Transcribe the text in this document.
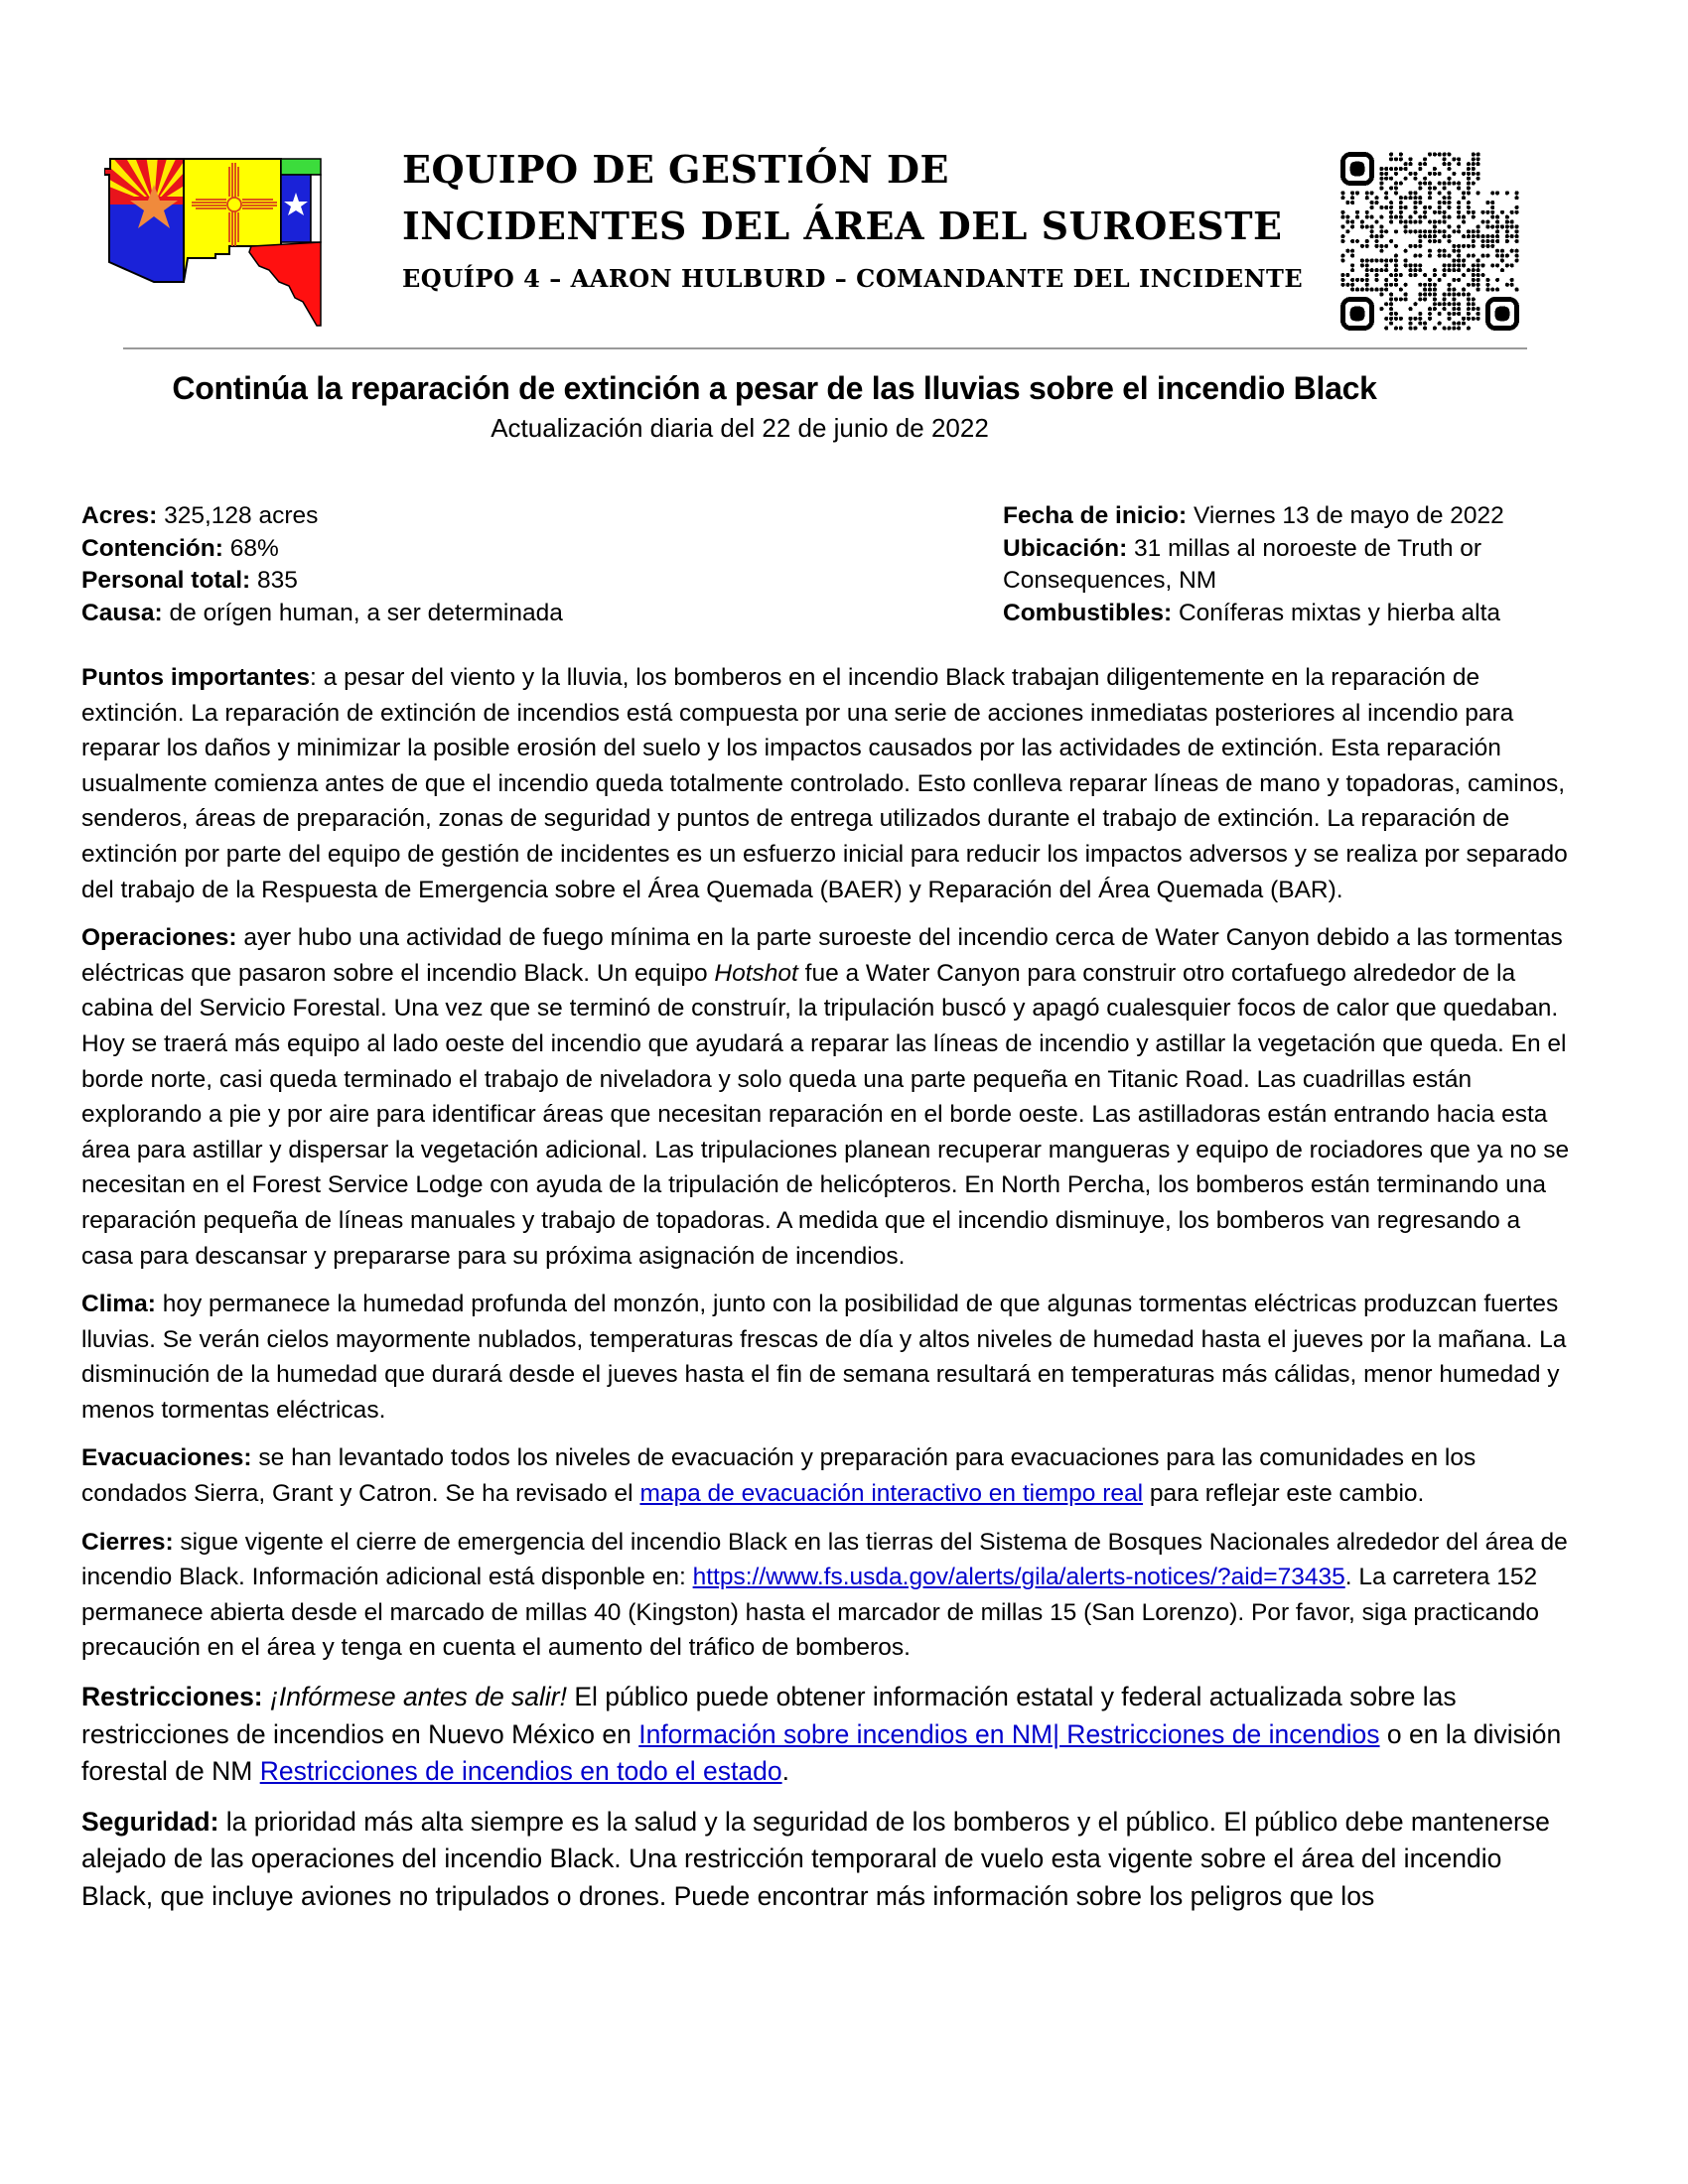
EQUIPO DE GESTIÓN DE
INCIDENTES DEL ÁREA DEL SUROESTE
EQUÍPO 4 – AARON HULBURD – COMANDANTE DEL INCIDENTE
Continúa la reparación de extinción a pesar de las lluvias sobre el incendio Black
Actualización diaria del 22 de junio de 2022
Acres: 325,128 acres
Contención: 68%
Personal total: 835
Causa: de orígen human, a ser determinada
Fecha de inicio: Viernes 13 de mayo de 2022
Ubicación: 31 millas al noroeste de Truth or
Consequences, NM
Combustibles: Coníferas mixtas y hierba alta

Puntos importantes: a pesar del viento y la lluvia, los bomberos en el incendio Black trabajan diligentemente en la reparación de extinción. La reparación de extinción de incendios está compuesta por una serie de acciones inmediatas posteriores al incendio para reparar los daños y minimizar la posible erosión del suelo y los impactos causados por las actividades de extinción. Esta reparación usualmente comienza antes de que el incendio queda totalmente controlado. Esto conlleva reparar líneas de mano y topadoras, caminos, senderos, áreas de preparación, zonas de seguridad y puntos de entrega utilizados durante el trabajo de extinción. La reparación de extinción por parte del equipo de gestión de incidentes es un esfuerzo inicial para reducir los impactos adversos y se realiza por separado del trabajo de la Respuesta de Emergencia sobre el Área Quemada (BAER) y Reparación del Área Quemada (BAR).

Operaciones: ayer hubo una actividad de fuego mínima en la parte suroeste del incendio cerca de Water Canyon debido a las tormentas eléctricas que pasaron sobre el incendio Black. Un equipo Hotshot fue a Water Canyon para construir otro cortafuego alrededor de la cabina del Servicio Forestal. Una vez que se terminó de construír, la tripulación buscó y apagó cualesquier focos de calor que quedaban. Hoy se traerá más equipo al lado oeste del incendio que ayudará a reparar las líneas de incendio y astillar la vegetación que queda. En el borde norte, casi queda terminado el trabajo de niveladora y solo queda una parte pequeña en Titanic Road. Las cuadrillas están explorando a pie y por aire para identificar áreas que necesitan reparación en el borde oeste. Las astilladoras están entrando hacia esta área para astillar y dispersar la vegetación adicional. Las tripulaciones planean recuperar mangueras y equipo de rociadores que ya no se necesitan en el Forest Service Lodge con ayuda de la tripulación de helicópteros. En North Percha, los bomberos están terminando una reparación pequeña de líneas manuales y trabajo de topadoras. A medida que el incendio disminuye, los bomberos van regresando a casa para descansar y prepararse para su próxima asignación de incendios.

Clima: hoy permanece la humedad profunda del monzón, junto con la posibilidad de que algunas tormentas eléctricas produzcan fuertes lluvias. Se verán cielos mayormente nublados, temperaturas frescas de día y altos niveles de humedad hasta el jueves por la mañana. La disminución de la humedad que durará desde el jueves hasta el fin de semana resultará en temperaturas más cálidas, menor humedad y menos tormentas eléctricas.

Evacuaciones: se han levantado todos los niveles de evacuación y preparación para evacuaciones para las comunidades en los condados Sierra, Grant y Catron. Se ha revisado el mapa de evacuación interactivo en tiempo real para reflejar este cambio.

Cierres: sigue vigente el cierre de emergencia del incendio Black en las tierras del Sistema de Bosques Nacionales alrededor del área de incendio Black. Información adicional está disponble en: https://www.fs.usda.gov/alerts/gila/alerts-notices/?aid=73435. La carretera 152 permanece abierta desde el marcado de millas 40 (Kingston) hasta el marcador de millas 15 (San Lorenzo). Por favor, siga practicando precaución en el área y tenga en cuenta el aumento del tráfico de bomberos.

Restricciones: ¡Infórmese antes de salir! El público puede obtener información estatal y federal actualizada sobre las restricciones de incendios en Nuevo México en Información sobre incendios en NM| Restricciones de incendios o en la división forestal de NM Restricciones de incendios en todo el estado.

Seguridad: la prioridad más alta siempre es la salud y la seguridad de los bomberos y el público. El público debe mantenerse alejado de las operaciones del incendio Black. Una restricción temporaral de vuelo esta vigente sobre el área del incendio Black, que incluye aviones no tripulados o drones. Puede encontrar más información sobre los peligros que los
